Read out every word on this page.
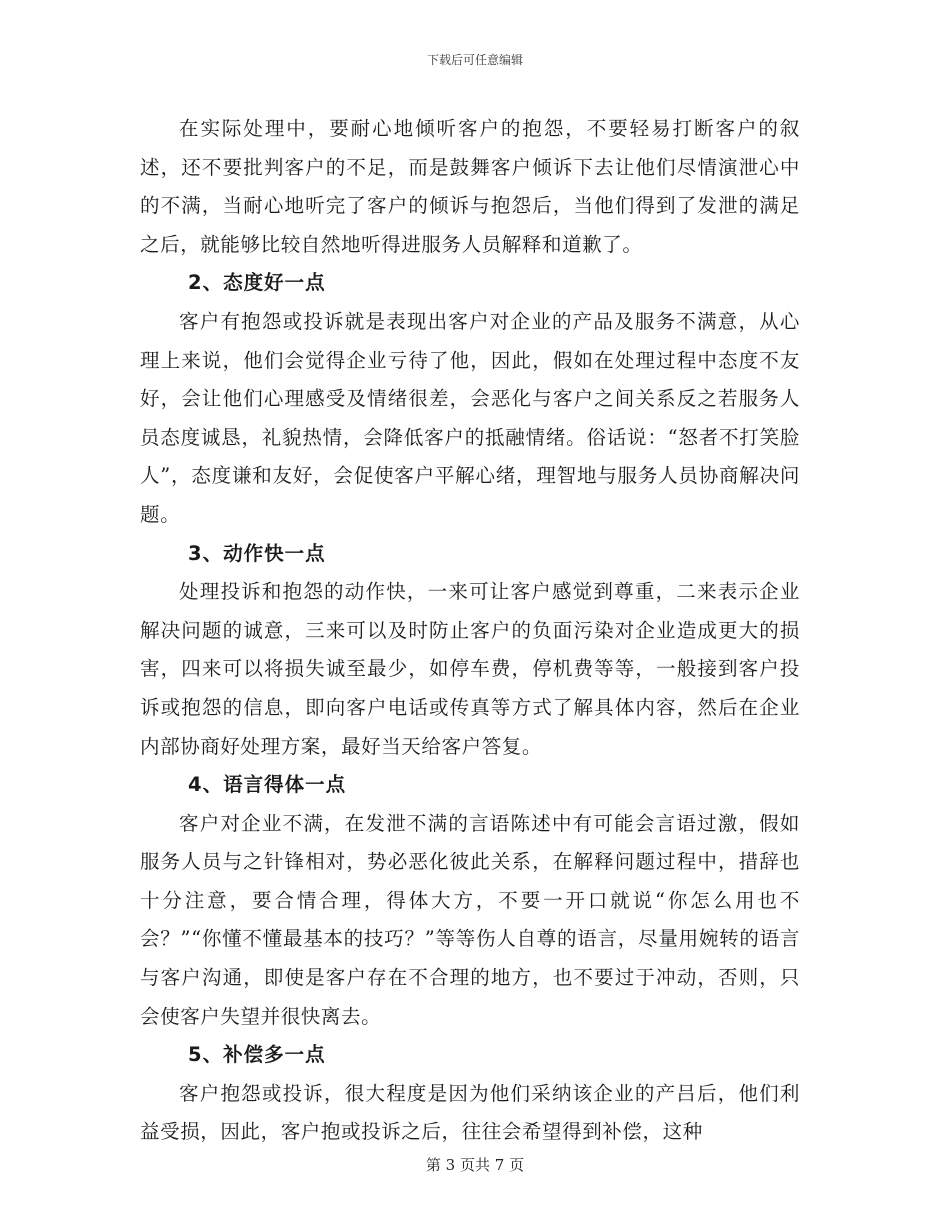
下载后可任意编辑

在实际处理中，要耐心地倾听客户的抱怨，不要轻易打断客户的叙述，还不要批判客户的不足，而是鼓舞客户倾诉下去让他们尽情演泄心中的不满，当耐心地听完了客户的倾诉与抱怨后，当他们得到了发泄的满足之后，就能够比较自然地听得进服务人员解释和道歉了。

2、态度好一点

客户有抱怨或投诉就是表现出客户对企业的产品及服务不满意，从心理上来说，他们会觉得企业亏待了他，因此，假如在处理过程中态度不友好，会让他们心理感受及情绪很差，会恶化与客户之间关系反之若服务人员态度诚恳，礼貌热情，会降低客户的抵融情绪。俗话说：“怒者不打笑脸人”，态度谦和友好，会促使客户平解心绪，理智地与服务人员协商解决问题。

3、动作快一点

处理投诉和抱怨的动作快，一来可让客户感觉到尊重，二来表示企业解决问题的诚意，三来可以及时防止客户的负面污染对企业造成更大的损害，四来可以将损失诚至最少，如停车费，停机费等等，一般接到客户投诉或抱怨的信息，即向客户电话或传真等方式了解具体内容，然后在企业内部协商好处理方案，最好当天给客户答复。

4、语言得体一点

客户对企业不满，在发泄不满的言语陈述中有可能会言语过激，假如服务人员与之针锋相对，势必恶化彼此关系，在解释问题过程中，措辞也十分注意，要合情合理，得体大方，不要一开口就说“你怎么用也不会？”“你懂不懂最基本的技巧？”等等伤人自尊的语言，尽量用婉转的语言与客户沟通，即使是客户存在不合理的地方，也不要过于冲动，否则，只会使客户失望并很快离去。

5、补偿多一点

客户抱怨或投诉，很大程度是因为他们采纳该企业的产吕后，他们利益受损，因此，客户抱或投诉之后，往往会希望得到补偿，这种

第 3 页共 7 页
